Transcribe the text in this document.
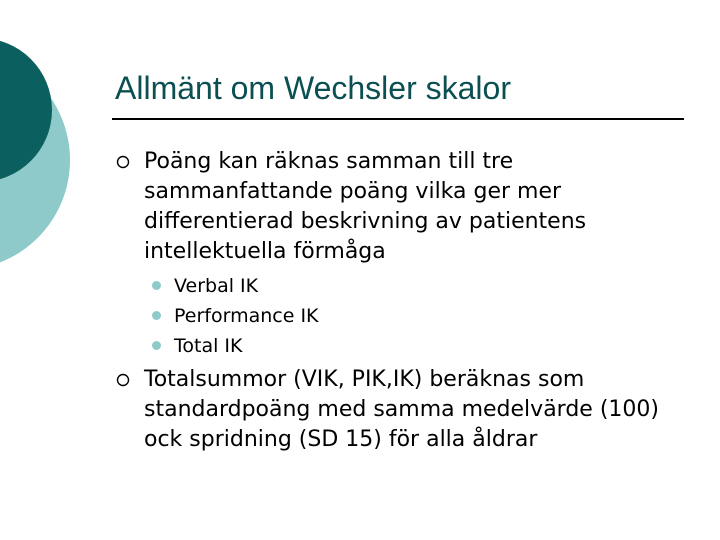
Allmänt om Wechsler skalor
Poäng kan räknas samman till tre sammanfattande poäng vilka ger mer differentierad beskrivning av patientens intellektuella förmåga
Verbal IK
Performance IK
Total IK
Totalsummor (VIK, PIK,IK) beräknas som standardpoäng med samma medelvärde (100) ock spridning (SD 15) för alla åldrar
